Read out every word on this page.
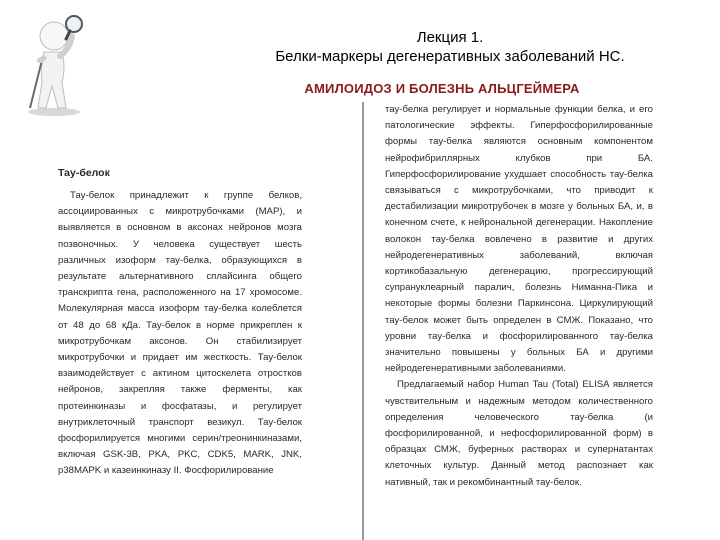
Лекция 1.
Белки-маркеры дегенеративных заболеваний НС.
АМИЛОИДОЗ И БОЛЕЗНЬ АЛЬЦГЕЙМЕРА
Тау-белок

Тау-белок принадлежит к группе белков, ассоциированных с микротрубочками (MAP), и выявляется в основном в аксонах нейронов мозга позвоночных. У человека существует шесть различных изоформ тау-белка, образующихся в результате альтернативного сплайсинга общего транскрипта гена, расположенного на 17 хромосоме. Молекулярная масса изоформ тау-белка колеблется от 48 до 68 кДа. Тау-белок в норме прикреплен к микротрубочкам аксонов. Он стабилизирует микротрубочки и придает им жесткость. Тау-белок взаимодействует с актином цитоскелета отростков нейронов, закрепляя также ферменты, как протеинкиназы и фосфатазы, и регулирует внутриклеточный транспорт везикул. Тау-белок фосфорилируется многими серин/треонинкиназами, включая GSK-3B, PKA, PKC, CDK5, MARK, JNK, p38MAPK и казеинкиназу II. Фосфорилирование

тау-белка регулирует и нормальные функции белка, и его патологические эффекты. Гиперфосфорилированные формы тау-белка являются основным компонентом нейрофибриллярных клубков при БА. Гиперфосфорилирование ухудшает способность тау-белка связываться с микротрубочками, что приводит к дестабилизации микротрубочек в мозге у больных БА, и, в конечном счете, к нейрональной дегенерации. Накопление волокон тау-белка вовлечено в развитие и других нейродегенеративных заболеваний, включая кортикобазальную дегенерацию, прогрессирующий супрануклеарный паралич, болезнь Ниманна-Пика и некоторые формы болезни Паркинсона. Циркулирующий тау-белок может быть определен в СМЖ. Показано, что уровни тау-белка и фосфорилированного тау-белка значительно повышены у больных БА и другими нейродегенеративными заболеваниями.

Предлагаемый набор Human Tau (Total) ELISA является чувствительным и надежным методом количественного определения человеческого тау-белка (и фосфорилированной, и нефосфорилированной форм) в образцах СМЖ, буферных растворах и супернатантах клеточных культур. Данный метод распознает как нативный, так и рекомбинантный тау-белок.
